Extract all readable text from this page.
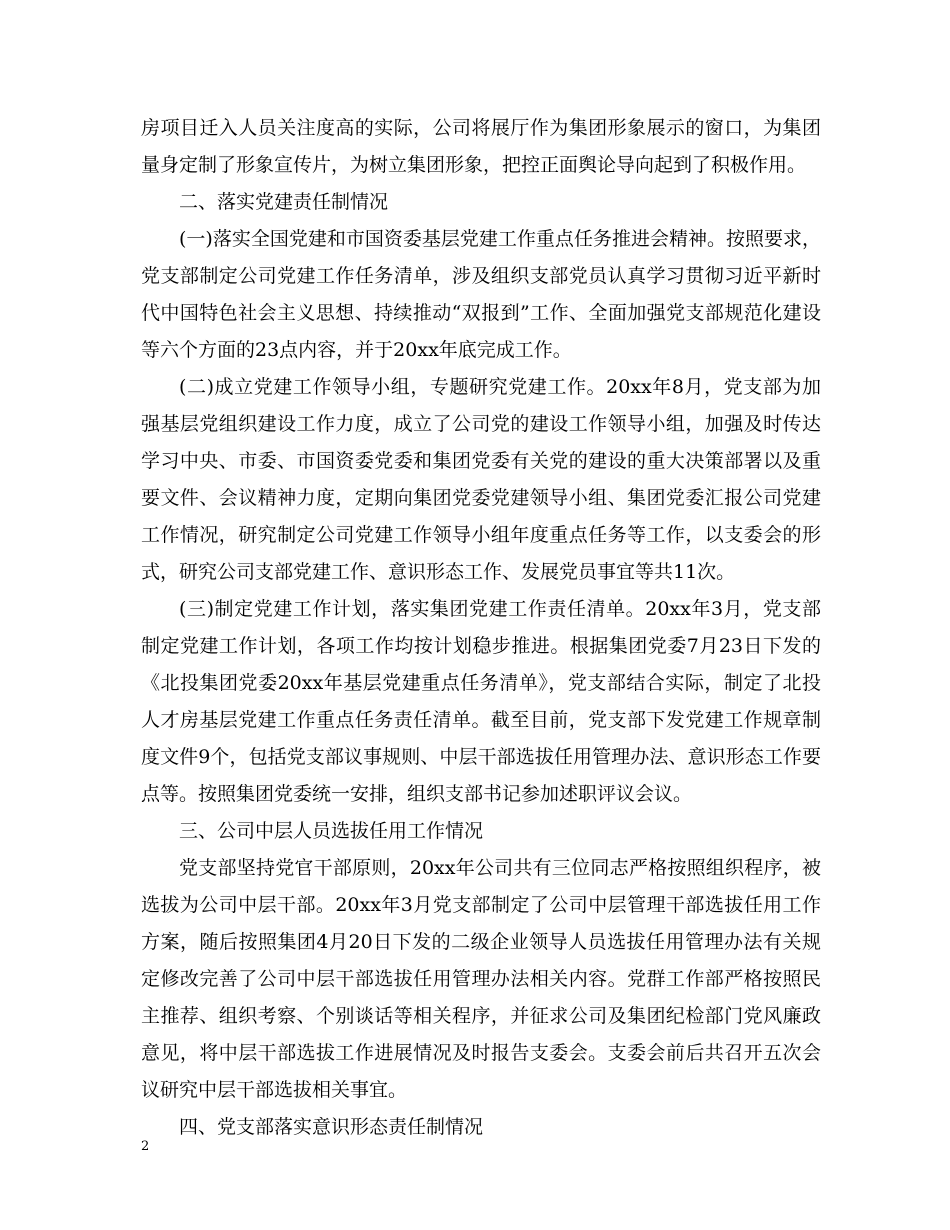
房项目迁入人员关注度高的实际，公司将展厅作为集团形象展示的窗口，为集团量身定制了形象宣传片，为树立集团形象，把控正面舆论导向起到了积极作用。

二、落实党建责任制情况

(一)落实全国党建和市国资委基层党建工作重点任务推进会精神。按照要求，党支部制定公司党建工作任务清单，涉及组织支部党员认真学习贯彻习近平新时代中国特色社会主义思想、持续推动“双报到”工作、全面加强党支部规范化建设等六个方面的23点内容，并于20xx年底完成工作。

(二)成立党建工作领导小组，专题研究党建工作。20xx年8月，党支部为加强基层党组织建设工作力度，成立了公司党的建设工作领导小组，加强及时传达学习中央、市委、市国资委党委和集团党委有关党的建设的重大决策部署以及重要文件、会议精神力度，定期向集团党委党建领导小组、集团党委汇报公司党建工作情况，研究制定公司党建工作领导小组年度重点任务等工作，以支委会的形式，研究公司支部党建工作、意识形态工作、发展党员事宜等共11次。

(三)制定党建工作计划，落实集团党建工作责任清单。20xx年3月，党支部制定党建工作计划，各项工作均按计划稳步推进。根据集团党委7月23日下发的《北投集团党委20xx年基层党建重点任务清单》，党支部结合实际，制定了北投人才房基层党建工作重点任务责任清单。截至目前，党支部下发党建工作规章制度文件9个，包括党支部议事规则、中层干部选拔任用管理办法、意识形态工作要点等。按照集团党委统一安排，组织支部书记参加述职评议会议。

三、公司中层人员选拔任用工作情况

党支部坚持党官干部原则，20xx年公司共有三位同志严格按照组织程序，被选拔为公司中层干部。20xx年3月党支部制定了公司中层管理干部选拔任用工作方案，随后按照集团4月20日下发的二级企业领导人员选拔任用管理办法有关规定修改完善了公司中层干部选拔任用管理办法相关内容。党群工作部严格按照民主推荐、组织考察、个别谈话等相关程序，并征求公司及集团纪检部门党风廉政意见，将中层干部选拔工作进展情况及时报告支委会。支委会前后共召开五次会议研究中层干部选拔相关事宜。

四、党支部落实意识形态责任制情况

2
